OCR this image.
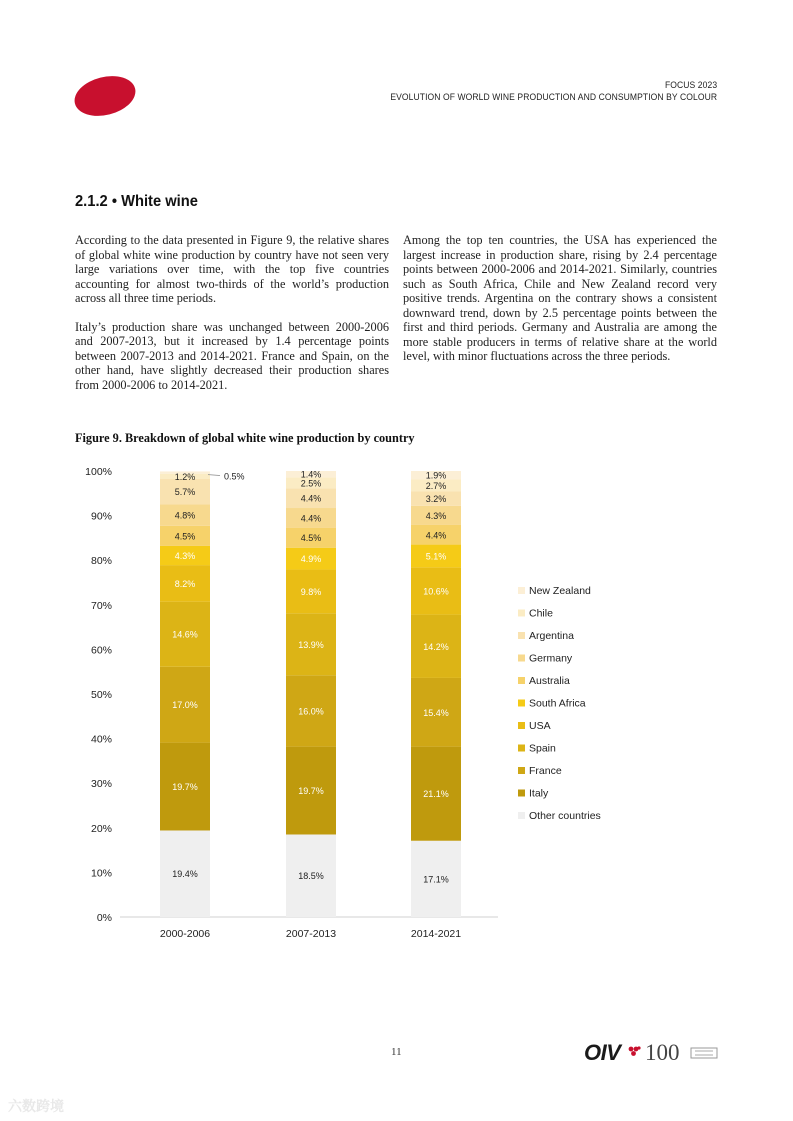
FOCUS 2023
EVOLUTION OF WORLD WINE PRODUCTION AND CONSUMPTION BY COLOUR
2.1.2 • White wine

According to the data presented in Figure 9, the relative shares of global white wine production by country have not seen very large variations over time, with the top five countries accounting for almost two-thirds of the world’s production across all three time periods.

Italy’s production share was unchanged between 2000-2006 and 2007-2013, but it increased by 1.4 percentage points between 2007-2013 and 2014-2021. France and Spain, on the other hand, have slightly decreased their production shares from 2000-2006 to 2014-2021.

Among the top ten countries, the USA has experienced the largest increase in production share, rising by 2.4 percentage points between 2000-2006 and 2014-2021. Similarly, countries such as South Africa, Chile and New Zealand record very positive trends. Argentina on the contrary shows a consistent downward trend, down by 2.5 percentage points between the first and third periods. Germany and Australia are among the more stable producers in terms of relative share at the world level, with minor fluctuations across the three periods.

Figure 9. Breakdown of global white wine production by country
0%
10%
20%
30%
40%
50%
60%
70%
80%
90%
100%
2000-2006	2007-2013	2014-2021
19.4%
19.7%
17.0%
14.6%
8.2%
4.3%
4.5%
4.8%
5.7%
1.2%	0.5%
18.5%
19.7%
16.0%
13.9%
9.8%
4.9%
4.5%
4.4%
4.4%
2.5%
1.4%
17.1%
21.1%
15.4%
14.2%
10.6%
5.1%
4.4%
4.3%
3.2%
2.7%
1.9%
New Zealand
Chile
Argentina
Germany
Australia
South Africa
USA
Spain
France
Italy
Other countries
11	OIV 100
六数跨境
